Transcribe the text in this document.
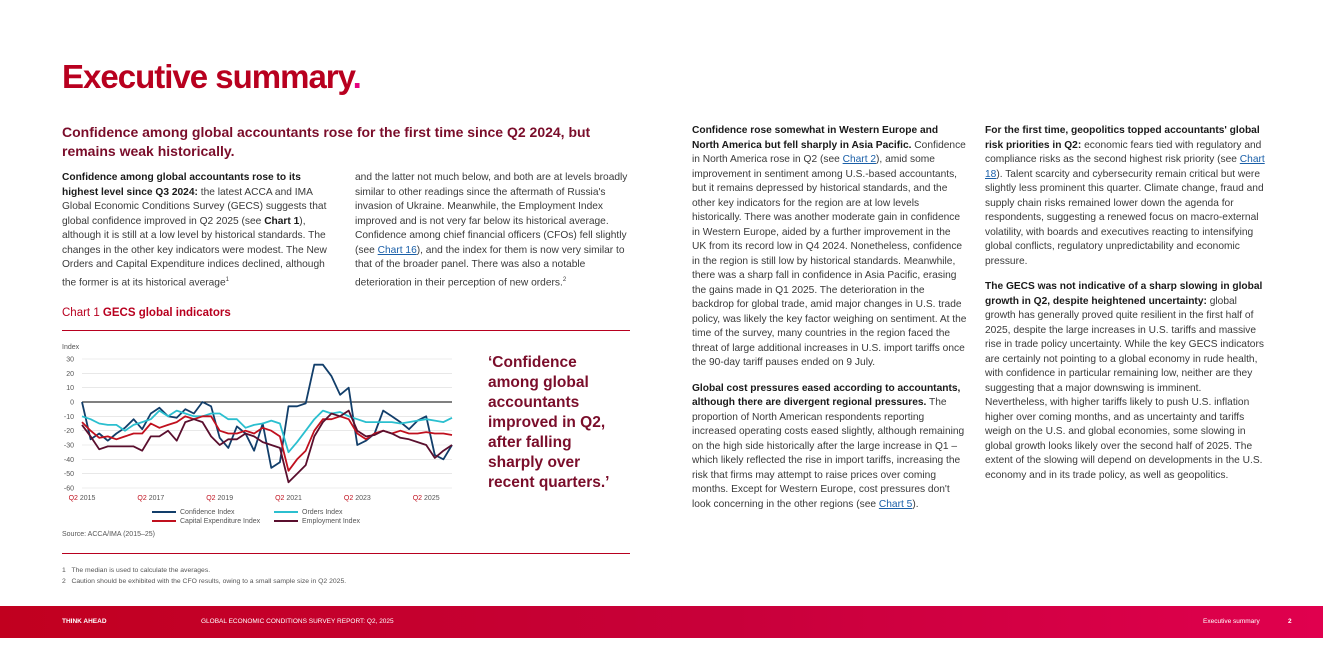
Executive summary.
Confidence among global accountants rose for the first time since Q2 2024, but remains weak historically.
Confidence among global accountants rose to its highest level since Q3 2024: the latest ACCA and IMA Global Economic Conditions Survey (GECS) suggests that global confidence improved in Q2 2025 (see Chart 1), although it is still at a low level by historical standards. The changes in the other key indicators were modest. The New Orders and Capital Expenditure indices declined, although the former is at its historical average$^1$
and the latter not much below, and both are at levels broadly similar to other readings since the aftermath of Russia's invasion of Ukraine. Meanwhile, the Employment Index improved and is not very far below its historical average. Confidence among chief financial officers (CFOs) fell slightly (see Chart 16), and the index for them is now very similar to that of the broader panel. There was also a notable deterioration in their perception of new orders.$^2$
Chart 1 GECS global indicators
Index
30
20
10
0
-10
-20
-30
-40
-50
-60
Q2 2015	Q2 2017	Q2 2019	Q2 2021	Q2 2023	Q2 2025
Confidence Index	Orders Index
Capital Expenditure Index	Employment Index
‘Confidence among global accountants improved in Q2, after falling sharply over recent quarters.’
Source: ACCA/IMA (2015–25)
1 The median is used to calculate the averages.
2 Caution should be exhibited with the CFO results, owing to a small sample size in Q2 2025.
Confidence rose somewhat in Western Europe and North America but fell sharply in Asia Pacific. Confidence in North America rose in Q2 (see Chart 2), amid some improvement in sentiment among U.S.-based accountants, but it remains depressed by historical standards, and the other key indicators for the region are at low levels historically. There was another moderate gain in confidence in Western Europe, aided by a further improvement in the UK from its record low in Q4 2024. Nonetheless, confidence in the region is still low by historical standards. Meanwhile, there was a sharp fall in confidence in Asia Pacific, erasing the gains made in Q1 2025. The deterioration in the backdrop for global trade, amid major changes in U.S. trade policy, was likely the key factor weighing on sentiment. At the time of the survey, many countries in the region faced the threat of large additional increases in U.S. import tariffs once the 90-day tariff pauses ended on 9 July.
Global cost pressures eased according to accountants, although there are divergent regional pressures. The proportion of North American respondents reporting increased operating costs eased slightly, although remaining on the high side historically after the large increase in Q1 – which likely reflected the rise in import tariffs, increasing the risk that firms may attempt to raise prices over coming months. Except for Western Europe, cost pressures don't look concerning in the other regions (see Chart 5).
For the first time, geopolitics topped accountants' global risk priorities in Q2: economic fears tied with regulatory and compliance risks as the second highest risk priority (see Chart 18). Talent scarcity and cybersecurity remain critical but were slightly less prominent this quarter. Climate change, fraud and supply chain risks remained lower down the agenda for respondents, suggesting a renewed focus on macro-external volatility, with boards and executives reacting to intensifying global conflicts, regulatory unpredictability and economic pressure.
The GECS was not indicative of a sharp slowing in global growth in Q2, despite heightened uncertainty: global growth has generally proved quite resilient in the first half of 2025, despite the large increases in U.S. tariffs and massive rise in trade policy uncertainty. While the key GECS indicators are certainly not pointing to a global economy in rude health, with confidence in particular remaining low, neither are they suggesting that a major downswing is imminent. Nevertheless, with higher tariffs likely to push U.S. inflation higher over coming months, and as uncertainty and tariffs weigh on the U.S. and global economies, some slowing in global growth looks likely over the second half of 2025. The extent of the slowing will depend on developments in the U.S. economy and in its trade policy, as well as geopolitics.
THINK AHEAD	GLOBAL ECONOMIC CONDITIONS SURVEY REPORT: Q2, 2025	Executive summary	2
